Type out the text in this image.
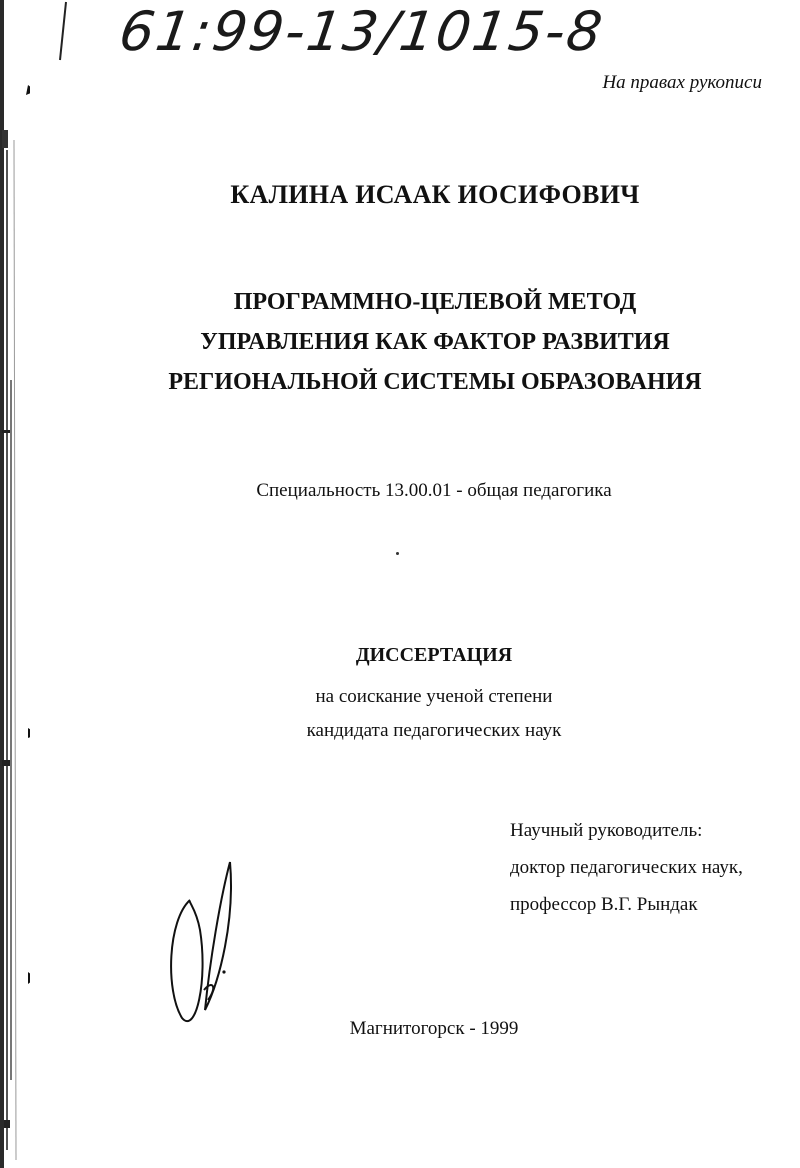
61:99-13/1015-8
На правах рукописи
КАЛИНА ИСААК ИОСИФОВИЧ
ПРОГРАММНО-ЦЕЛЕВОЙ МЕТОД
УПРАВЛЕНИЯ КАК ФАКТОР РАЗВИТИЯ
РЕГИОНАЛЬНОЙ СИСТЕМЫ ОБРАЗОВАНИЯ
Специальность 13.00.01 - общая педагогика
ДИССЕРТАЦИЯ
на соискание ученой степени
кандидата педагогических наук
Научный руководитель:
доктор педагогических наук,
профессор В.Г. Рындак
Магнитогорск - 1999
